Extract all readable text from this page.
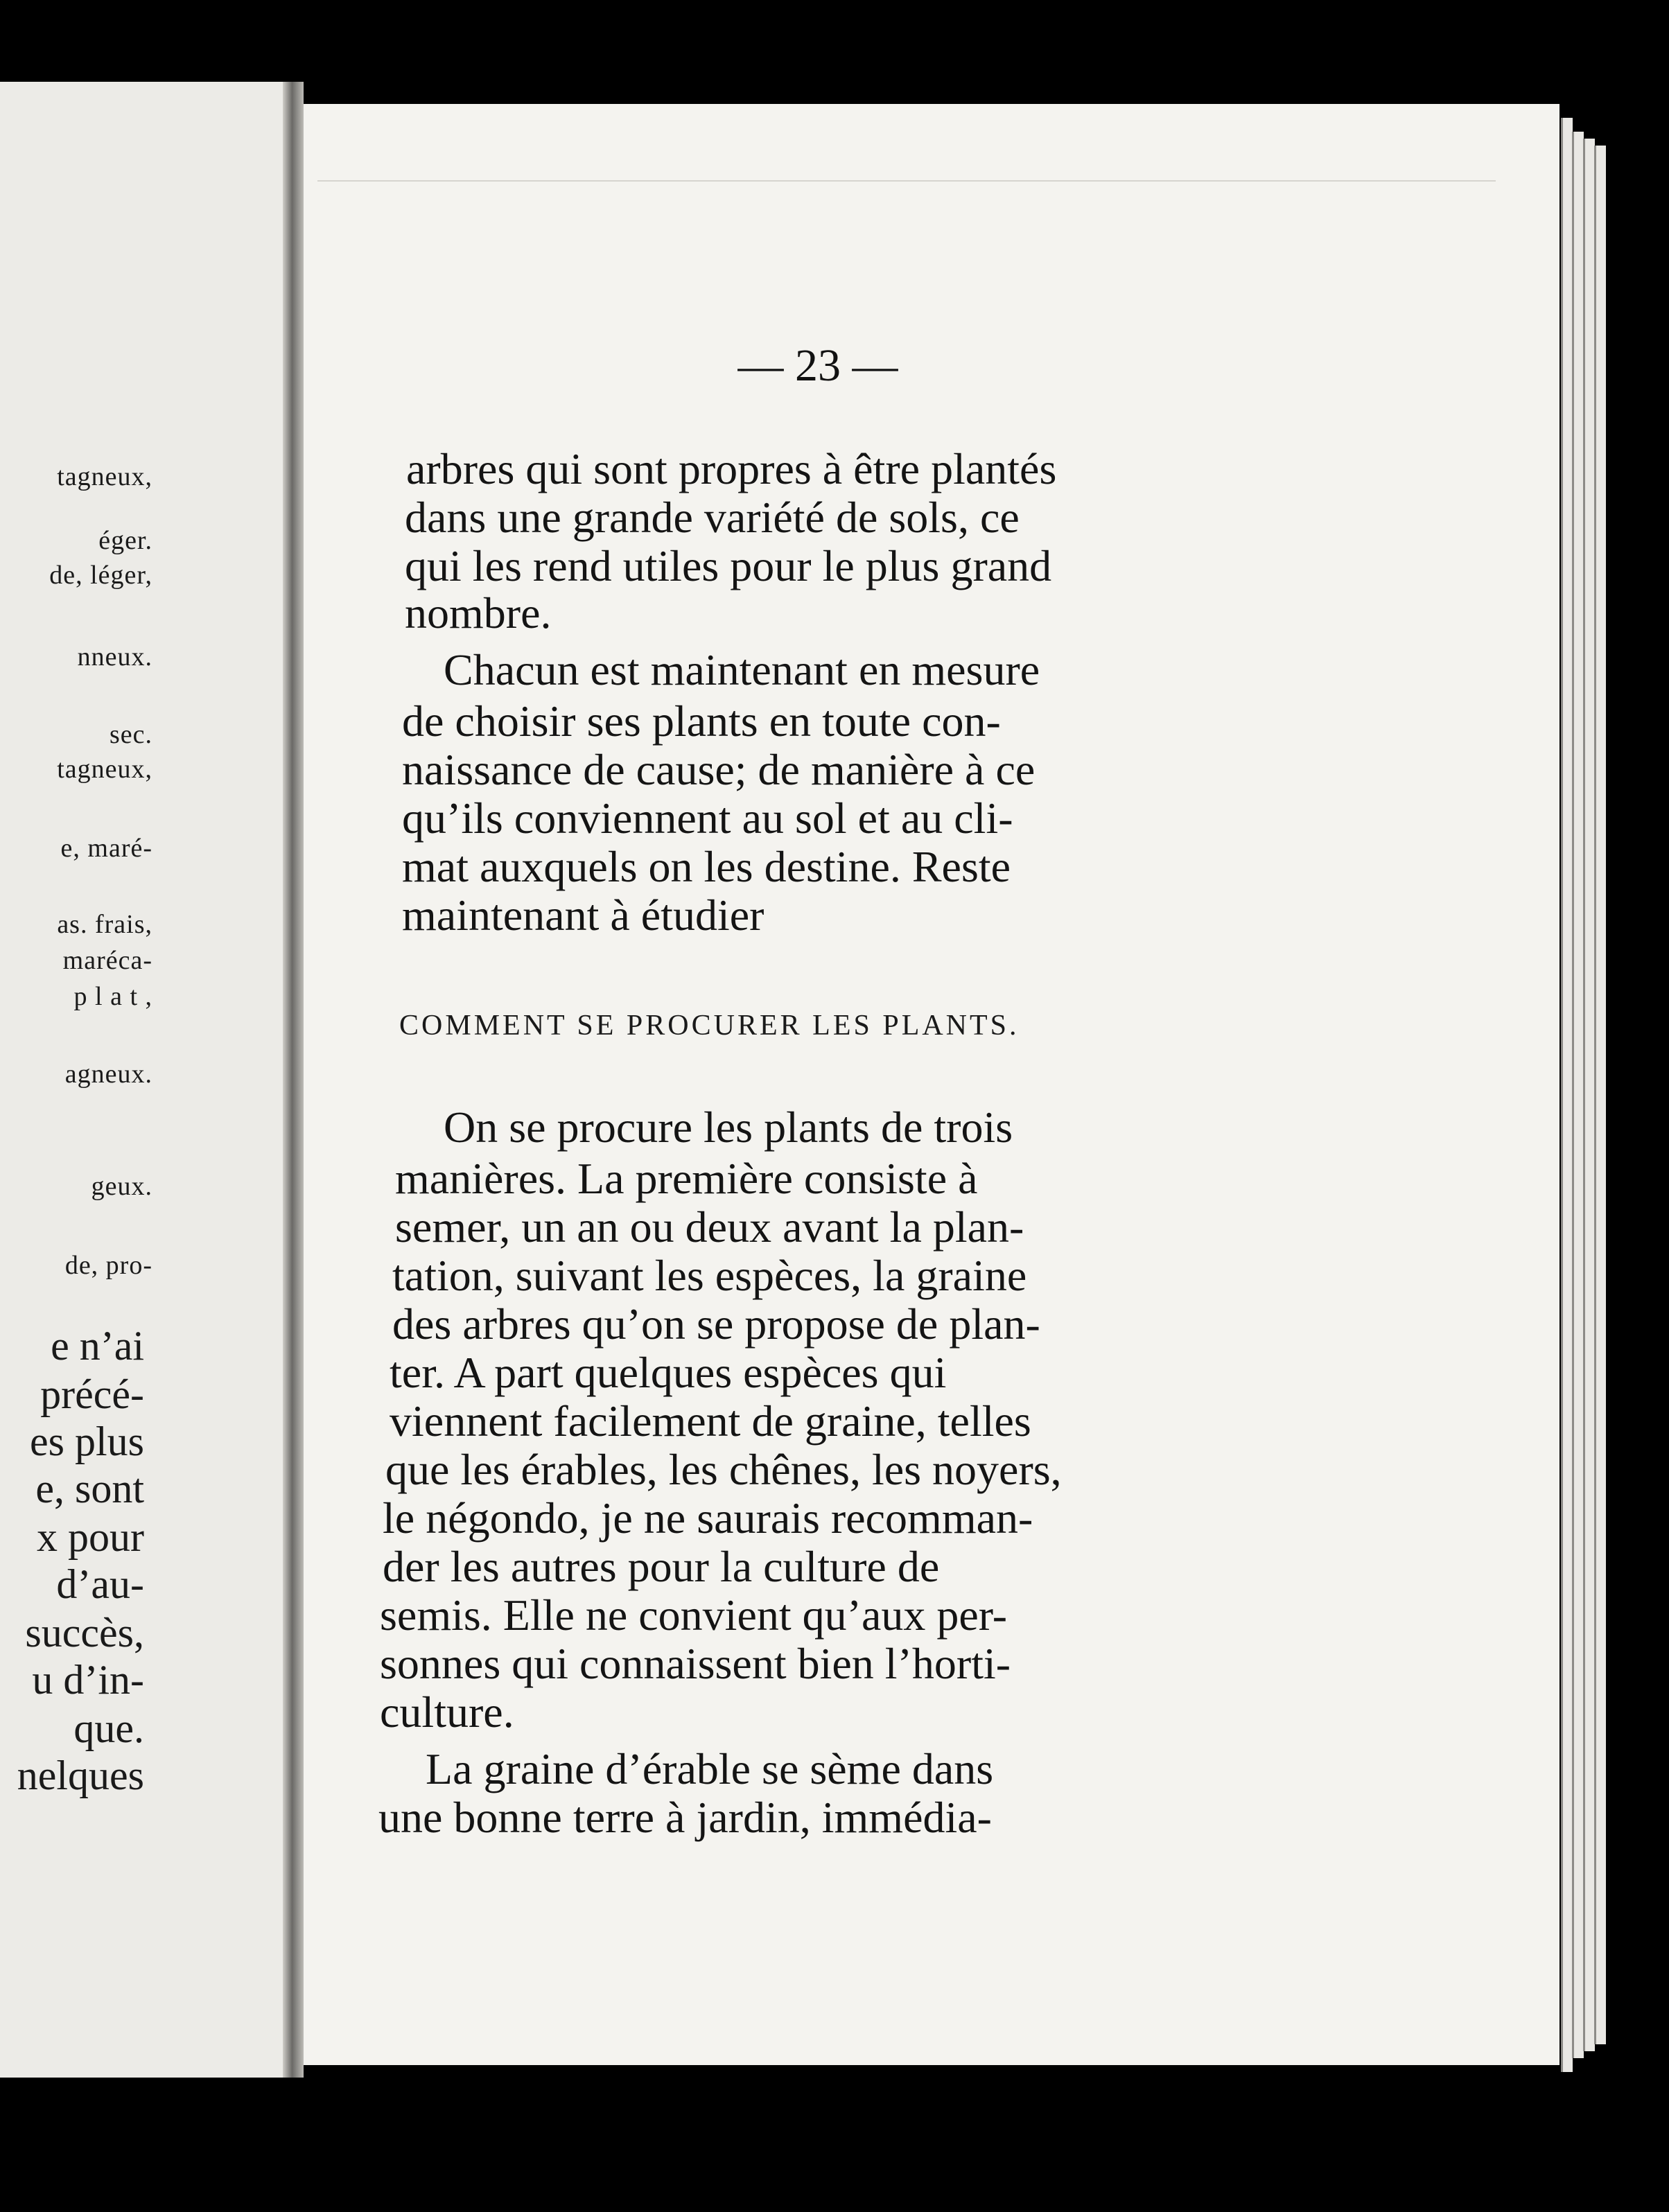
tagneux,
éger.
de, léger,
nneux.
sec.
tagneux,
e, maré-
as. frais,
maréca-
p l a t ,
agneux.
geux.
de, pro-
e n’ai
précé-
es plus
e, sont
x pour
d’au-
succès,
u d’in-
que.
nelques
— 23 —
arbres qui sont propres à être plantés
dans une grande variété de sols, ce
qui les rend utiles pour le plus grand
nombre.
Chacun est maintenant en mesure
de choisir ses plants en toute con-
naissance de cause; de manière à ce
qu’ils conviennent au sol et au cli-
mat auxquels on les destine. Reste
maintenant à étudier
COMMENT SE PROCURER LES PLANTS.
On se procure les plants de trois
manières. La première consiste à
semer, un an ou deux avant la plan-
tation, suivant les espèces, la graine
des arbres qu’on se propose de plan-
ter. A part quelques espèces qui
viennent facilement de graine, telles
que les érables, les chênes, les noyers,
le négondo, je ne saurais recomman-
der les autres pour la culture de
semis. Elle ne convient qu’aux per-
sonnes qui connaissent bien l’horti-
culture.
La graine d’érable se sème dans
une bonne terre à jardin, immédia-
